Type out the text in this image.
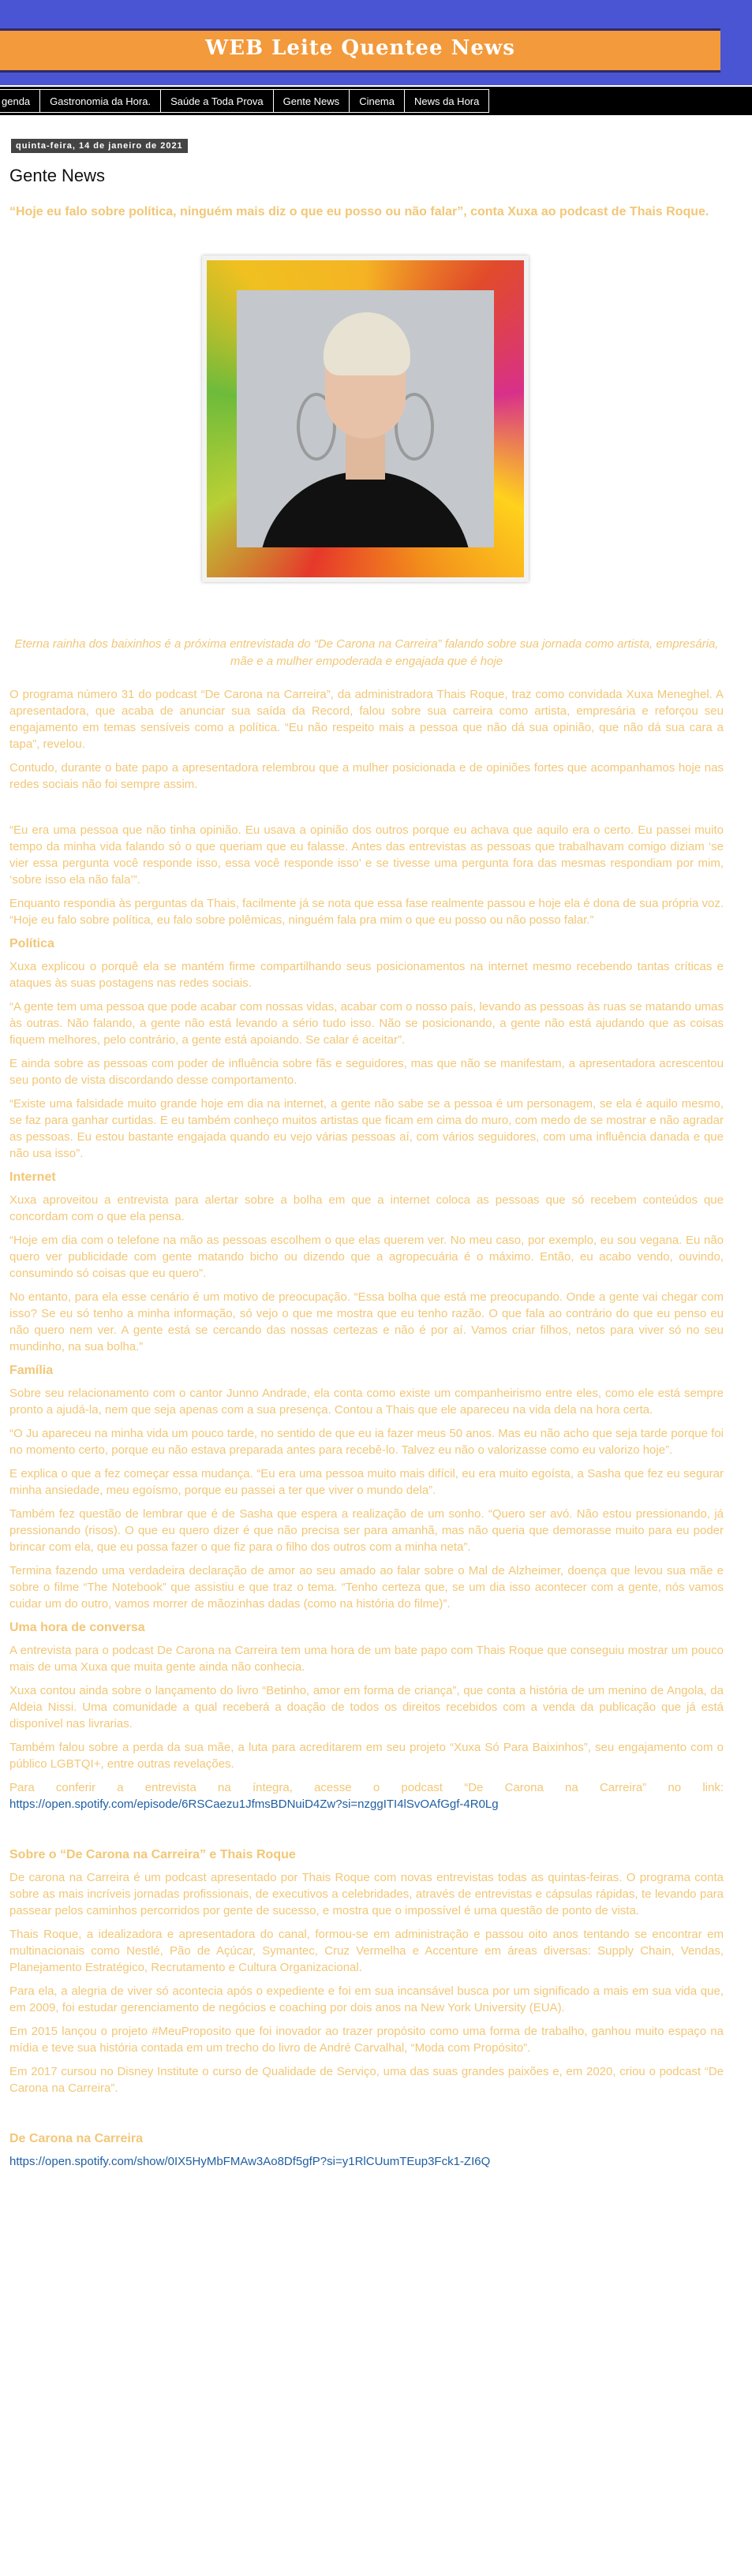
WEB Leite Quentee News
genda	Gastronomia da Hora.	Saúde a Toda Prova	Gente News	Cinema	News da Hora
quinta-feira, 14 de janeiro de 2021
Gente News
“Hoje eu falo sobre política, ninguém mais diz o que eu posso ou não falar”, conta Xuxa ao podcast de Thais Roque.
Eterna rainha dos baixinhos é a próxima entrevistada do “De Carona na Carreira” falando sobre sua jornada como artista, empresária, mãe e a mulher empoderada e engajada que é hoje

O programa número 31 do podcast “De Carona na Carreira”, da administradora Thais Roque, traz como convidada Xuxa Meneghel. A apresentadora, que acaba de anunciar sua saída da Record, falou sobre sua carreira como artista, empresária e reforçou seu engajamento em temas sensíveis como a política. “Eu não respeito mais a pessoa que não dá sua opinião, que não dá sua cara a tapa”, revelou.

Contudo, durante o bate papo a apresentadora relembrou que a mulher posicionada e de opiniões fortes que acompanhamos hoje nas redes sociais não foi sempre assim.

“Eu era uma pessoa que não tinha opinião. Eu usava a opinião dos outros porque eu achava que aquilo era o certo. Eu passei muito tempo da minha vida falando só o que queriam que eu falasse. Antes das entrevistas as pessoas que trabalhavam comigo diziam ‘se vier essa pergunta você responde isso, essa você responde isso’ e se tivesse uma pergunta fora das mesmas respondiam por mim, ‘sobre isso ela não fala’”.

Enquanto respondia às perguntas da Thais, facilmente já se nota que essa fase realmente passou e hoje ela é dona de sua própria voz. “Hoje eu falo sobre política, eu falo sobre polêmicas, ninguém fala pra mim o que eu posso ou não posso falar.”

Política

Xuxa explicou o porquê ela se mantém firme compartilhando seus posicionamentos na internet mesmo recebendo tantas críticas e ataques às suas postagens nas redes sociais.

“A gente tem uma pessoa que pode acabar com nossas vidas, acabar com o nosso país, levando as pessoas às ruas se matando umas às outras. Não falando, a gente não está levando a sério tudo isso. Não se posicionando, a gente não está ajudando que as coisas fiquem melhores, pelo contrário, a gente está apoiando. Se calar é aceitar”.

E ainda sobre as pessoas com poder de influência sobre fãs e seguidores, mas que não se manifestam, a apresentadora acrescentou seu ponto de vista discordando desse comportamento.

“Existe uma falsidade muito grande hoje em dia na internet, a gente não sabe se a pessoa é um personagem, se ela é aquilo mesmo, se faz para ganhar curtidas. E eu também conheço muitos artistas que ficam em cima do muro, com medo de se mostrar e não agradar as pessoas. Eu estou bastante engajada quando eu vejo várias pessoas aí, com vários seguidores, com uma influência danada e que não usa isso”.

Internet

Xuxa aproveitou a entrevista para alertar sobre a bolha em que a internet coloca as pessoas que só recebem conteúdos que concordam com o que ela pensa.

“Hoje em dia com o telefone na mão as pessoas escolhem o que elas querem ver. No meu caso, por exemplo, eu sou vegana. Eu não quero ver publicidade com gente matando bicho ou dizendo que a agropecuária é o máximo. Então, eu acabo vendo, ouvindo, consumindo só coisas que eu quero”.

No entanto, para ela esse cenário é um motivo de preocupação. “Essa bolha que está me preocupando. Onde a gente vai chegar com isso? Se eu só tenho a minha informação, só vejo o que me mostra que eu tenho razão. O que fala ao contrário do que eu penso eu não quero nem ver. A gente está se cercando das nossas certezas e não é por aí. Vamos criar filhos, netos para viver só no seu mundinho, na sua bolha.”

Família

Sobre seu relacionamento com o cantor Junno Andrade, ela conta como existe um companheirismo entre eles, como ele está sempre pronto a ajudá-la, nem que seja apenas com a sua presença. Contou a Thais que ele apareceu na vida dela na hora certa.

“O Ju apareceu na minha vida um pouco tarde, no sentido de que eu ia fazer meus 50 anos. Mas eu não acho que seja tarde porque foi no momento certo, porque eu não estava preparada antes para recebê-lo. Talvez eu não o valorizasse como eu valorizo hoje”.

E explica o que a fez começar essa mudança. “Eu era uma pessoa muito mais difícil, eu era muito egoísta, a Sasha que fez eu segurar minha ansiedade, meu egoísmo, porque eu passei a ter que viver o mundo dela”.

Também fez questão de lembrar que é de Sasha que espera a realização de um sonho. “Quero ser avó. Não estou pressionando, já pressionando (risos). O que eu quero dizer é que não precisa ser para amanhã, mas não queria que demorasse muito para eu poder brincar com ela, que eu possa fazer o que fiz para o filho dos outros com a minha neta”.

Termina fazendo uma verdadeira declaração de amor ao seu amado ao falar sobre o Mal de Alzheimer, doença que levou sua mãe e sobre o filme “The Notebook” que assistiu e que traz o tema. “Tenho certeza que, se um dia isso acontecer com a gente, nós vamos cuidar um do outro, vamos morrer de mãozinhas dadas (como na história do filme)”.

Uma hora de conversa

A entrevista para o podcast De Carona na Carreira tem uma hora de um bate papo com Thais Roque que conseguiu mostrar um pouco mais de uma Xuxa que muita gente ainda não conhecia.

Xuxa contou ainda sobre o lançamento do livro “Betinho, amor em forma de criança”, que conta a história de um menino de Angola, da Aldeia Nissi. Uma comunidade a qual receberá a doação de todos os direitos recebidos com a venda da publicação que já está disponível nas livrarias.

Também falou sobre a perda da sua mãe, a luta para acreditarem em seu projeto “Xuxa Só Para Baixinhos”, seu engajamento com o público LGBTQI+, entre outras revelações.

Para conferir a entrevista na íntegra, acesse o podcast “De Carona na Carreira” no link: https://open.spotify.com/episode/6RSCaezu1JfmsBDNuiD4Zw?si=nzggITI4lSvOAfGgf-4R0Lg

Sobre o “De Carona na Carreira” e Thais Roque

De carona na Carreira é um podcast apresentado por Thais Roque com novas entrevistas todas as quintas-feiras. O programa conta sobre as mais incríveis jornadas profissionais, de executivos a celebridades, através de entrevistas e cápsulas rápidas, te levando para passear pelos caminhos percorridos por gente de sucesso, e mostra que o impossível é uma questão de ponto de vista.

Thais Roque, a idealizadora e apresentadora do canal, formou-se em administração e passou oito anos tentando se encontrar em multinacionais como Nestlé, Pão de Açúcar, Symantec, Cruz Vermelha e Accenture em áreas diversas: Supply Chain, Vendas, Planejamento Estratégico, Recrutamento e Cultura Organizacional.

Para ela, a alegria de viver só acontecia após o expediente e foi em sua incansável busca por um significado a mais em sua vida que, em 2009, foi estudar gerenciamento de negócios e coaching por dois anos na New York University (EUA).

Em 2015 lançou o projeto #MeuProposito que foi inovador ao trazer propósito como uma forma de trabalho, ganhou muito espaço na mídia e teve sua história contada em um trecho do livro de André Carvalhal, “Moda com Propósito”.

Em 2017 cursou no Disney Institute o curso de Qualidade de Serviço, uma das suas grandes paixões e, em 2020, criou o podcast “De Carona na Carreira”.

De Carona na Carreira

https://open.spotify.com/show/0IX5HyMbFMAw3Ao8Df5gfP?si=y1RlCUumTEup3Fck1-ZI6Q
